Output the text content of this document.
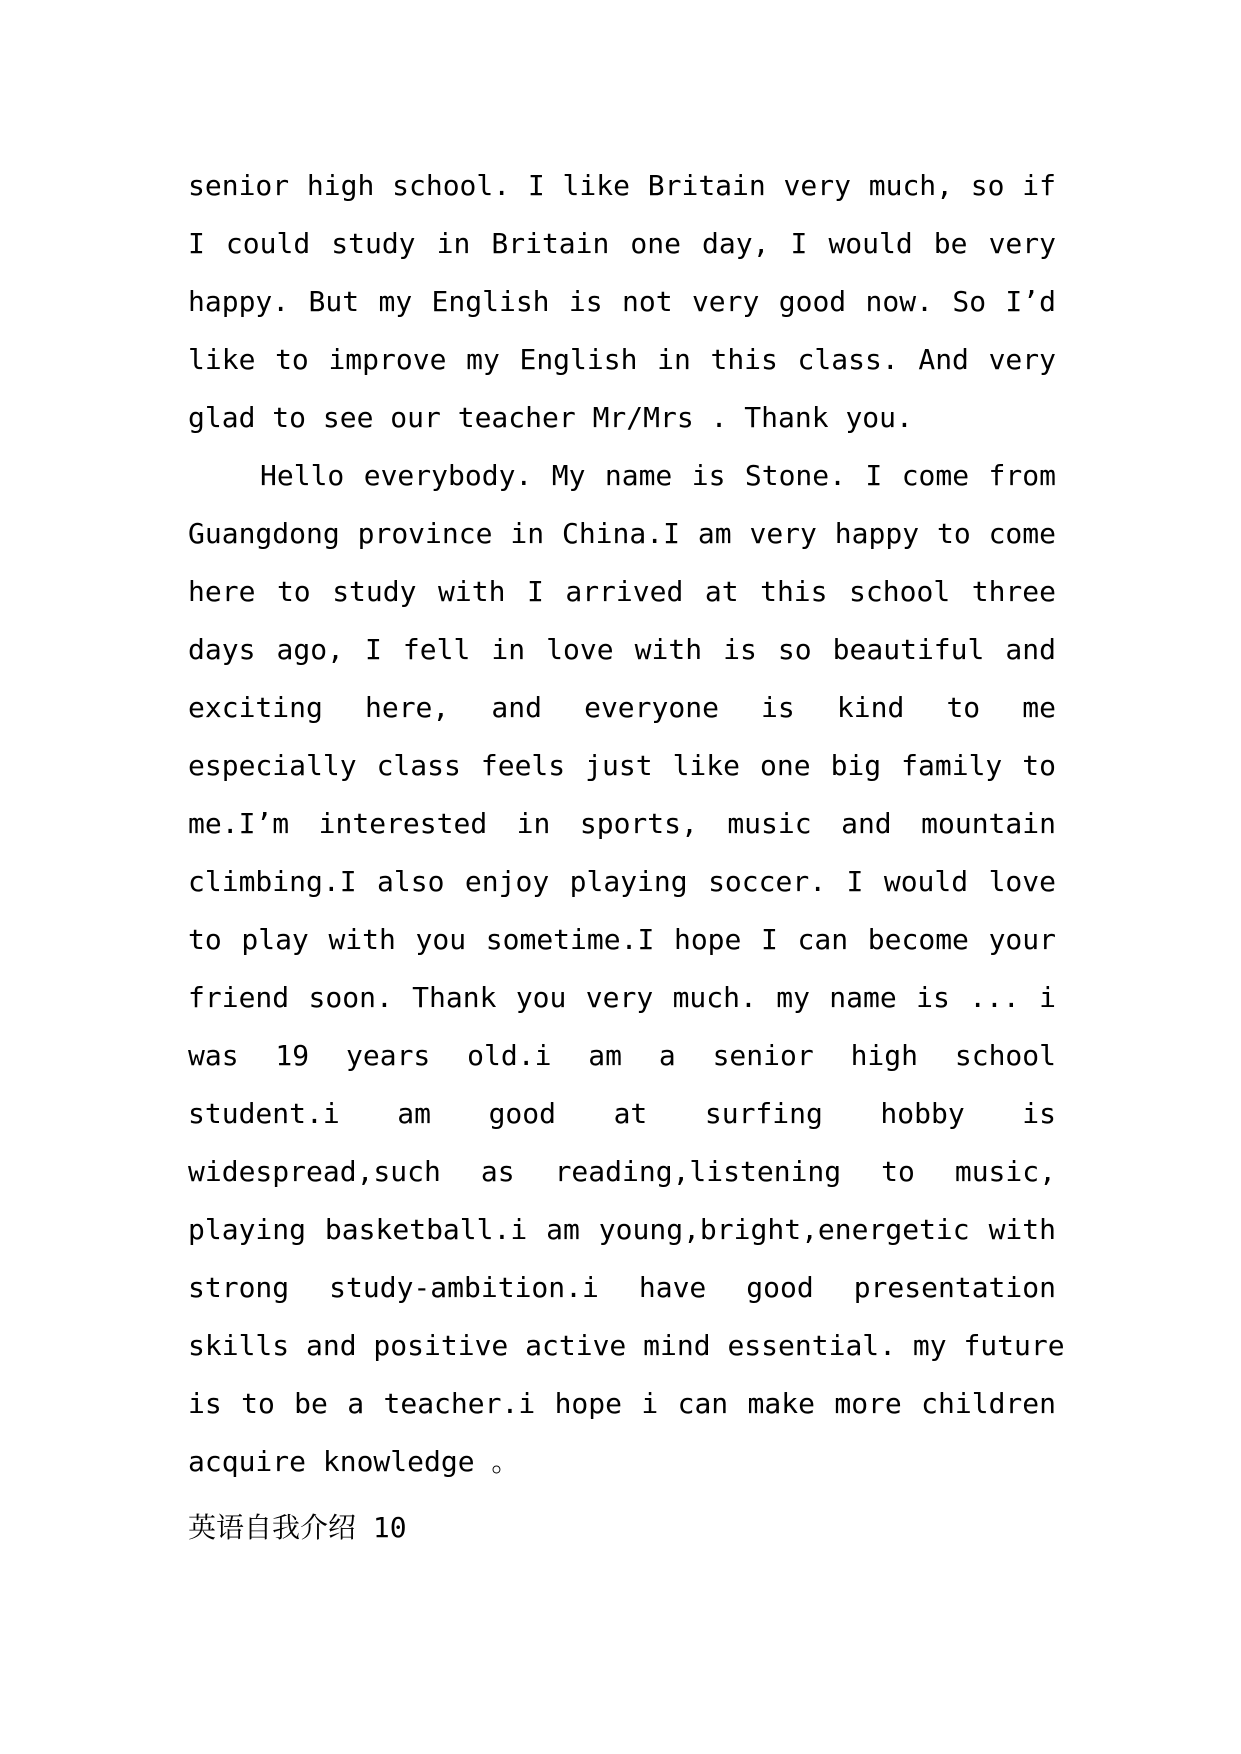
senior high school. I like Britain very much, so if
I could study in Britain one day, I would be very
happy. But my English is not very good now. So I’d
like to improve my English in this class. And very
glad to see our teacher Mr/Mrs . Thank you.
Hello everybody. My name is Stone. I come from
Guangdong province in China.I am very happy to come
here to study with I arrived at this school three
days ago, I fell in love with is so beautiful and
exciting here, and everyone is kind to me
especially class feels just like one big family to
me.I’m interested in sports, music and mountain
climbing.I also enjoy playing soccer. I would love
to play with you sometime.I hope I can become your
friend soon. Thank you very much. my name is ... i
was 19 years old.i am a senior high school
student.i am good at surfing hobby is
widespread,such as reading,listening to music,
playing basketball.i am young,bright,energetic with
strong study-ambition.i have good presentation
skills and positive active mind essential. my future
is to be a teacher.i hope i can make more children
acquire knowledge 。
英语自我介绍 10
